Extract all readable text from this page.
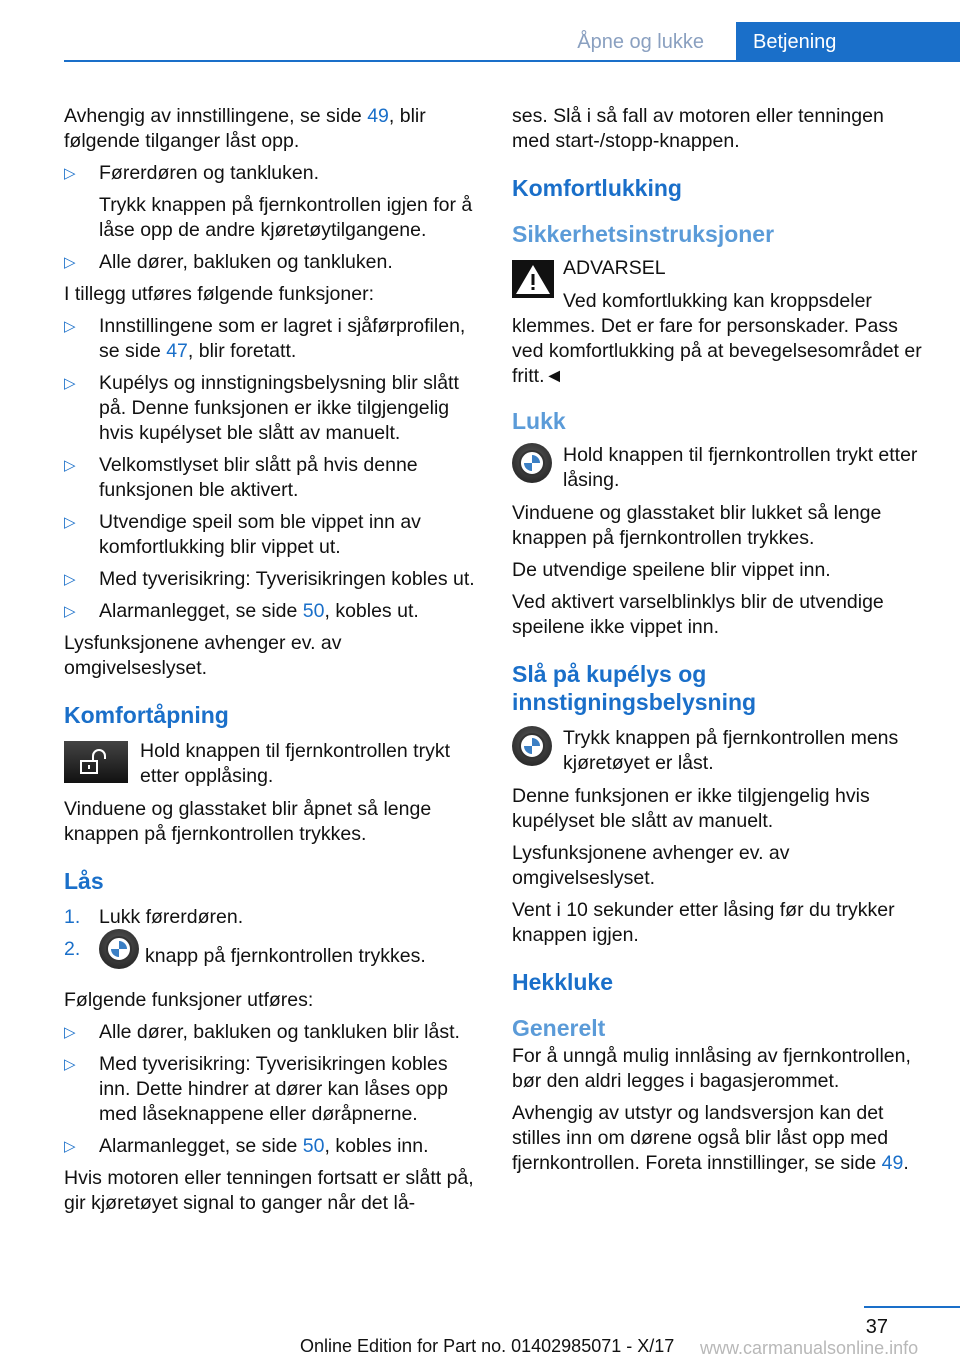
Åpne og lukke	Betjening

Avhengig av innstillingene, se side 49, blir følgende tilganger låst opp.

▷ Førerdøren og tankluken.
Trykk knappen på fjernkontrollen igjen for å låse opp de andre kjøretøytilgangene.
▷ Alle dører, bakluken og tankluken.

I tillegg utføres følgende funksjoner:

▷ Innstillingene som er lagret i sjåførprofilen, se side 47, blir foretatt.
▷ Kupélys og innstigningsbelysning blir slått på. Denne funksjonen er ikke tilgjengelig hvis kupélyset ble slått av manuelt.
▷ Velkomstlyset blir slått på hvis denne funksjonen ble aktivert.
▷ Utvendige speil som ble vippet inn av komfortlukking blir vippet ut.
▷ Med tyverisikring: Tyverisikringen kobles ut.
▷ Alarmanlegget, se side 50, kobles ut.

Lysfunksjonene avhenger ev. av omgivelseslyset.

Komfortåpning
Hold knappen til fjernkontrollen trykt etter opplåsing.

Vinduene og glasstaket blir åpnet så lenge knappen på fjernkontrollen trykkes.

Lås
1. Lukk førerdøren.
2.	knapp på fjernkontrollen trykkes.

Følgende funksjoner utføres:

▷ Alle dører, bakluken og tankluken blir låst.
▷ Med tyverisikring: Tyverisikringen kobles inn. Dette hindrer at dører kan låses opp med låseknappene eller døråpnerne.
▷ Alarmanlegget, se side 50, kobles inn.

Hvis motoren eller tenningen fortsatt er slått på, gir kjøretøyet signal to ganger når det lå-

ses. Slå i så fall av motoren eller tenningen med start-/stopp-knappen.

Komfortlukking
Sikkerhetsinstruksjoner
ADVARSEL

Ved komfortlukking kan kroppsdeler klemmes. Det er fare for personskader. Pass ved komfortlukking på at bevegelsesområdet er fritt.◄

Lukk
Hold knappen til fjernkontrollen trykt etter låsing.

Vinduene og glasstaket blir lukket så lenge knappen på fjernkontrollen trykkes.

De utvendige speilene blir vippet inn.

Ved aktivert varselblinklys blir de utvendige speilene ikke vippet inn.

Slå på kupélys og innstigningsbelysning
Trykk knappen på fjernkontrollen mens kjøretøyet er låst.

Denne funksjonen er ikke tilgjengelig hvis kupélyset ble slått av manuelt.

Lysfunksjonene avhenger ev. av omgivelseslyset.

Vent i 10 sekunder etter låsing før du trykker knappen igjen.

Hekkluke
Generelt

For å unngå mulig innlåsing av fjernkontrollen, bør den aldri legges i bagasjerommet.

Avhengig av utstyr og landsversjon kan det stilles inn om dørene også blir låst opp med fjernkontrollen. Foreta innstillinger, se side 49.

37
Online Edition for Part no. 01402985071 - X/17 www.carmanualsonline.info
